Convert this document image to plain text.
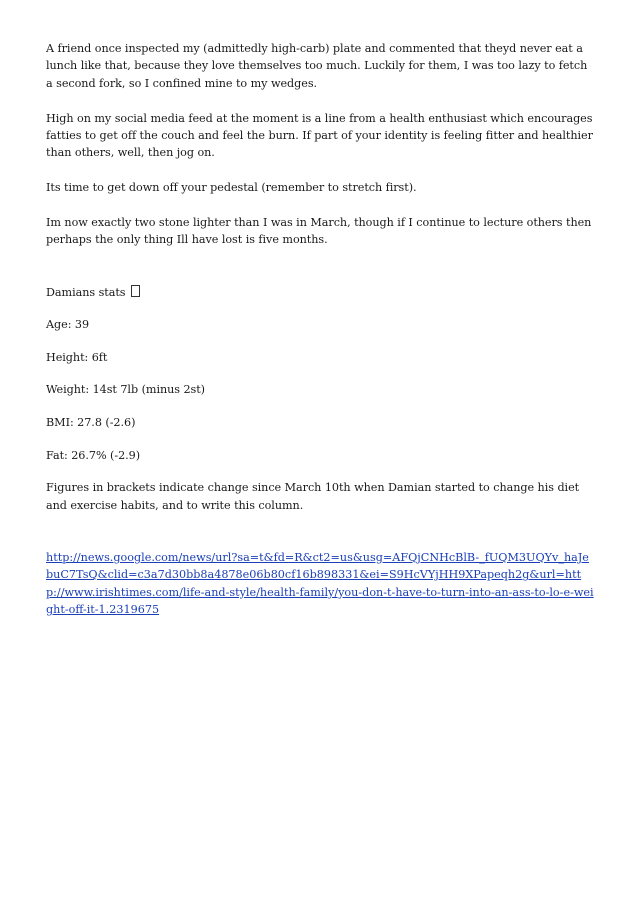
A friend once inspected my (admittedly high-carb) plate and commented that theyd never eat a lunch like that, because they love themselves too much. Luckily for them, I was too lazy to fetch a second fork, so I confined mine to my wedges.

High on my social media feed at the moment is a line from a health enthusiast which encourages fatties to get off the couch and feel the burn. If part of your identity is feeling fitter and healthier than others, well, then jog on.

Its time to get down off your pedestal (remember to stretch first).

Im now exactly two stone lighter than I was in March, though if I continue to lecture others then perhaps the only thing Ill have lost is five months.

Damians stats

Age: 39

Height: 6ft

Weight: 14st 7lb (minus 2st)

BMI: 27.8 (-2.6)

Fat: 26.7% (-2.9)

Figures in brackets indicate change since March 10th when Damian started to change his diet and exercise habits, and to write this column.

http://news.google.com/news/url?sa=t&fd=R&ct2=us&usg=AFQjCNHcBlB-_fUQM3UQYv_haJebuC7TsQ&clid=c3a7d30bb8a4878e06b80cf16b898331&ei=S9HcVYjHH9XPapeqh2g&url=http://www.irishtimes.com/life-and-style/health-family/you-don-t-have-to-turn-into-an-ass-to-lo-e-weight-off-it-1.2319675
